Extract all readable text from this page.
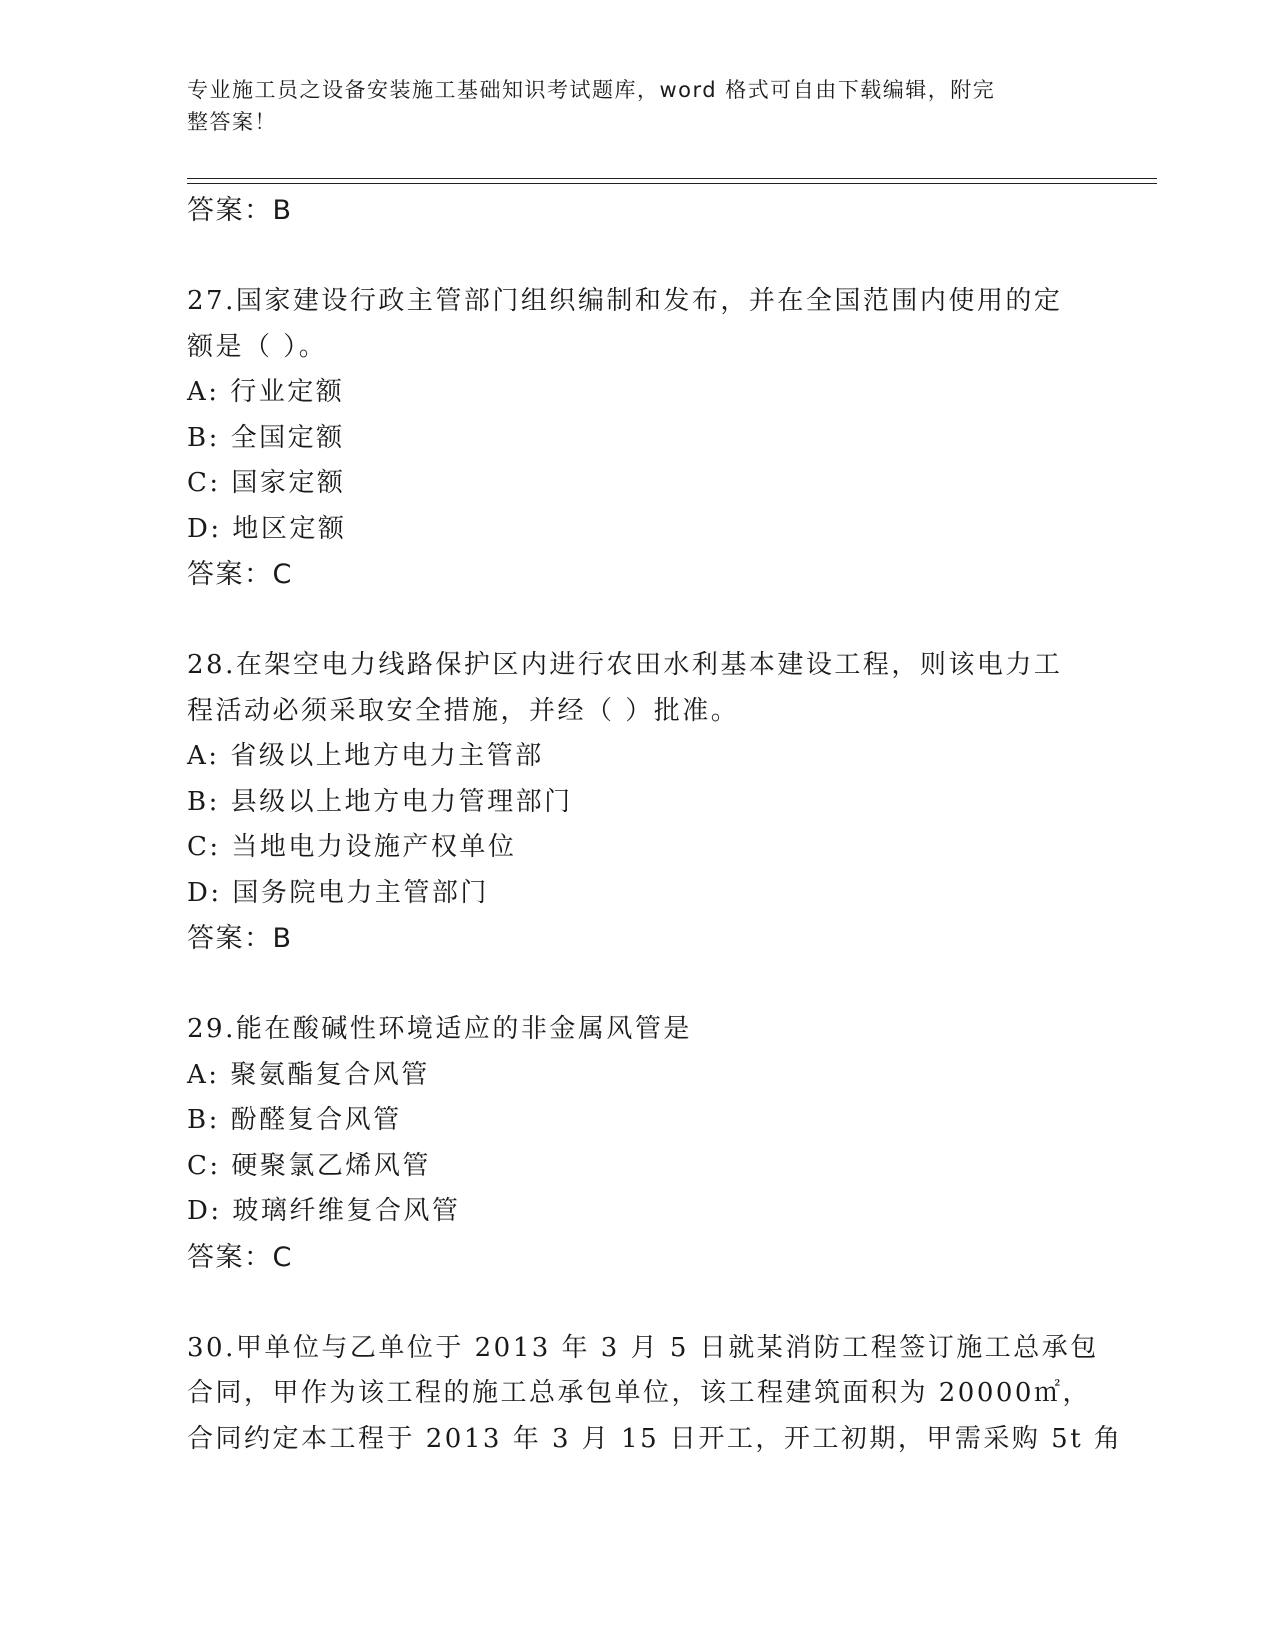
专业施工员之设备安装施工基础知识考试题库，word 格式可自由下载编辑，附完
整答案！
答案：B
27.国家建设行政主管部门组织编制和发布，并在全国范围内使用的定
额是（ ）。
A: 行业定额
B: 全国定额
C: 国家定额
D: 地区定额
答案：C
28.在架空电力线路保护区内进行农田水利基本建设工程，则该电力工
程活动必须采取安全措施，并经（ ）批准。
A: 省级以上地方电力主管部
B: 县级以上地方电力管理部门
C: 当地电力设施产权单位
D: 国务院电力主管部门
答案：B
29.能在酸碱性环境适应的非金属风管是
A: 聚氨酯复合风管
B: 酚醛复合风管
C: 硬聚氯乙烯风管
D: 玻璃纤维复合风管
答案：C
30.甲单位与乙单位于 2013 年 3 月 5 日就某消防工程签订施工总承包
合同，甲作为该工程的施工总承包单位，该工程建筑面积为 20000㎡，
合同约定本工程于 2013 年 3 月 15 日开工，开工初期，甲需采购 5t 角
